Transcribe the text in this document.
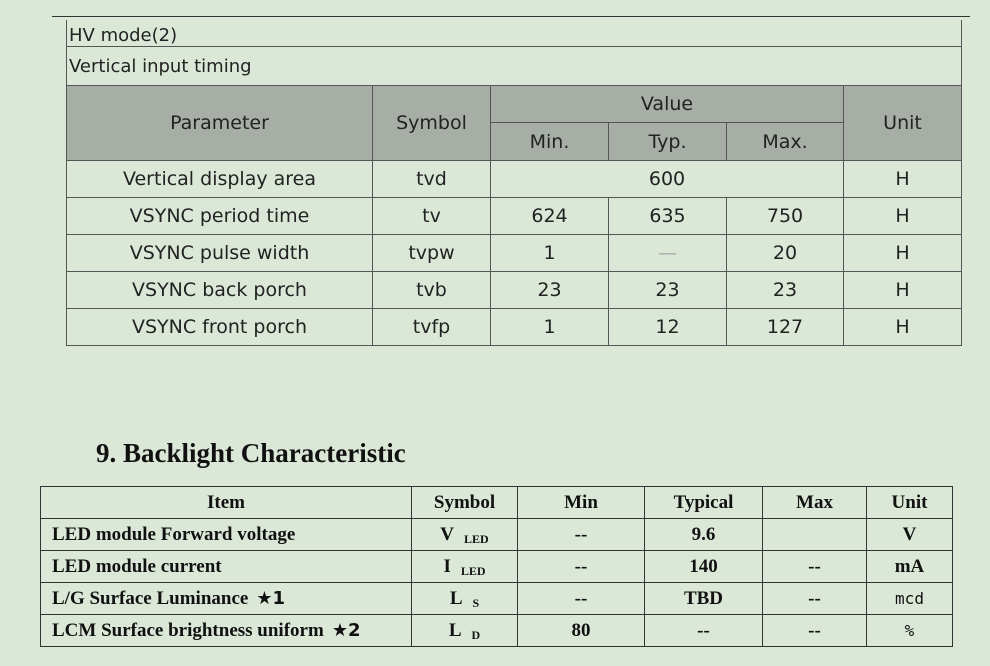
HV mode(2)					
Vertical input timing					
Parameter	Symbol	Value			Unit
		Min.	Typ.	Max.	
Vertical display area	tvd	600			H
VSYNC period time	tv	624	635	750	H
VSYNC pulse width	tvpw	1	—	20	H
VSYNC back porch	tvb	23	23	23	H
VSYNC front porch	tvfp	1	12	127	H
9. Backlight Characteristic
Item	Symbol	Min	Typical	Max	Unit
LED module Forward voltage	V LED	--	9.6		V
LED module current	I LED	--	140	--	mA
L/G Surface Luminance ★1	L S	--	TBD	--	mcd
LCM Surface brightness uniform ★2	L D	80	--	--	%
